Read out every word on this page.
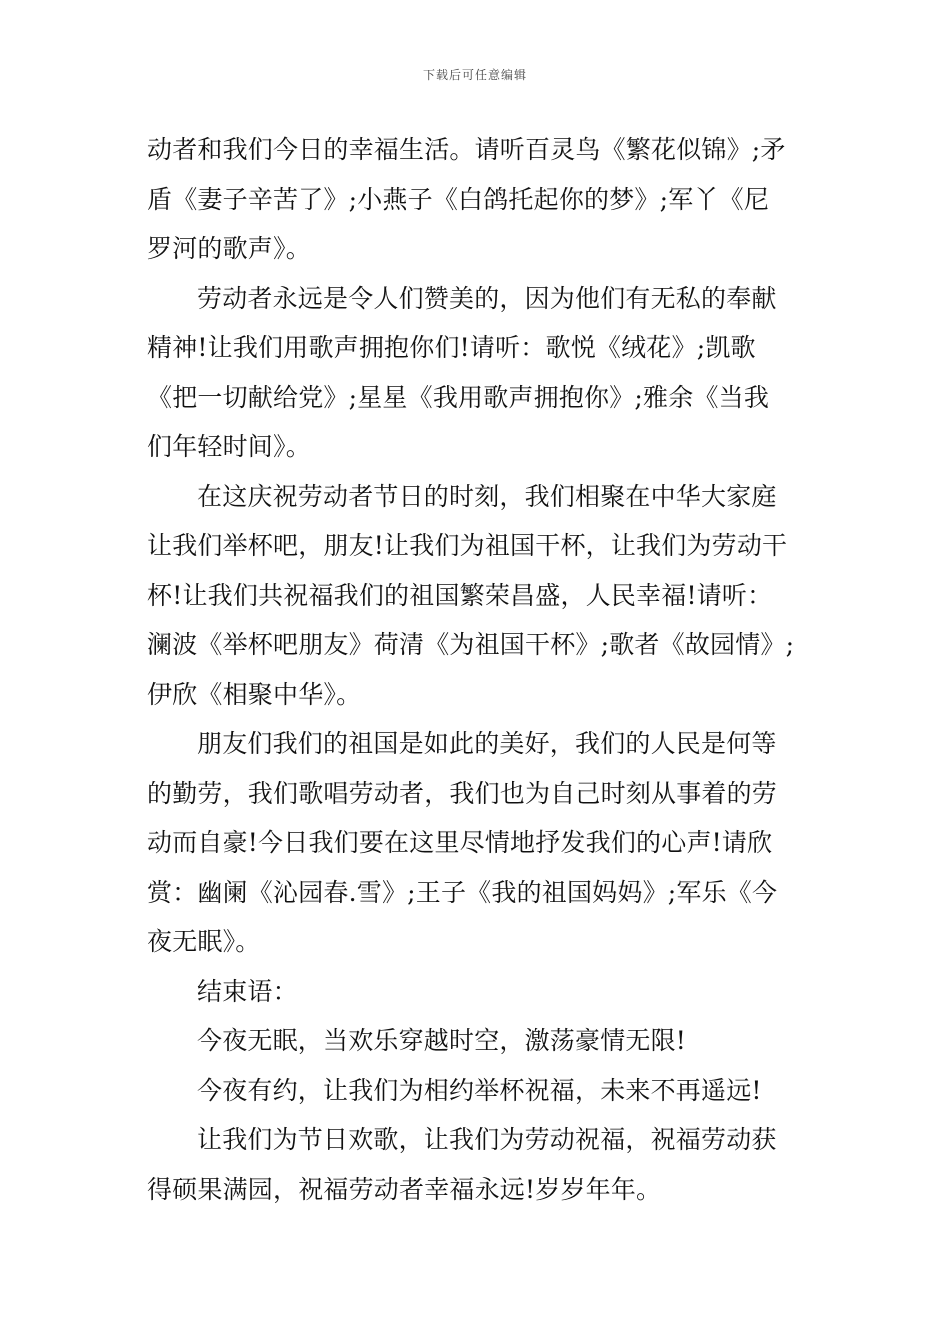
下载后可任意编辑
动者和我们今日的幸福生活。请听百灵鸟《繁花似锦》;矛
盾《妻子辛苦了》;小燕子《白鸽托起你的梦》;军丫《尼
罗河的歌声》。
劳动者永远是令人们赞美的，因为他们有无私的奉献
精神!让我们用歌声拥抱你们!请听：歌悦《绒花》;凯歌
《把一切献给党》;星星《我用歌声拥抱你》;雅余《当我
们年轻时间》。
在这庆祝劳动者节日的时刻，我们相聚在中华大家庭
让我们举杯吧，朋友!让我们为祖国干杯，让我们为劳动干
杯!让我们共祝福我们的祖国繁荣昌盛，人民幸福!请听：
澜波《举杯吧朋友》荷清《为祖国干杯》;歌者《故园情》;
伊欣《相聚中华》。
朋友们我们的祖国是如此的美好，我们的人民是何等
的勤劳，我们歌唱劳动者，我们也为自己时刻从事着的劳
动而自豪!今日我们要在这里尽情地抒发我们的心声!请欣
赏：幽阑《沁园春.雪》;王子《我的祖国妈妈》;军乐《今
夜无眠》。
结束语：
今夜无眠，当欢乐穿越时空，激荡豪情无限!
今夜有约，让我们为相约举杯祝福，未来不再遥远!
让我们为节日欢歌，让我们为劳动祝福，祝福劳动获
得硕果满园，祝福劳动者幸福永远!岁岁年年。
